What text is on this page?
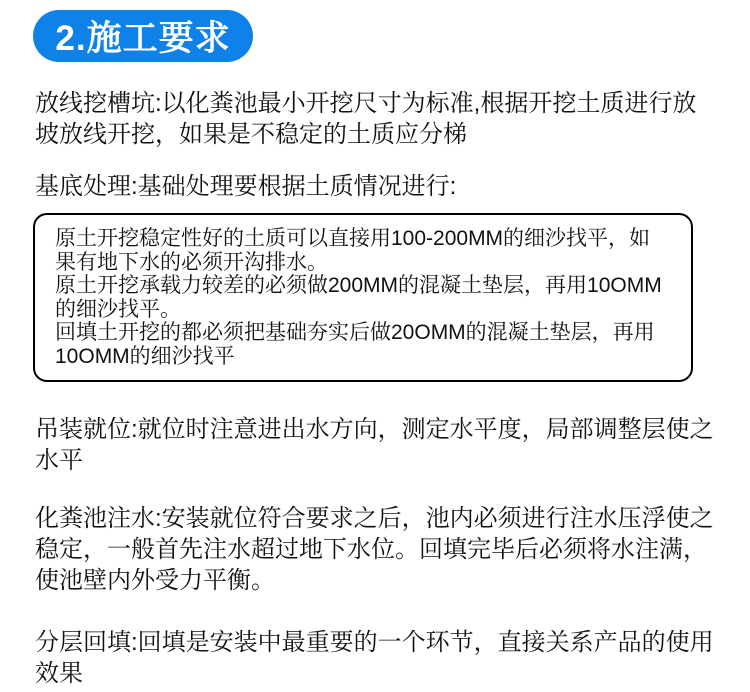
2.施工要求

放线挖槽坑:以化粪池最小开挖尺寸为标准,根据开挖土质进行放坡放线开挖，如果是不稳定的土质应分梯

基底处理:基础处理要根据土质情况进行:

原土开挖稳定性好的土质可以直接用100-200MM的细沙找平，如果有地下水的必须开沟排水。

原土开挖承载力较差的必须做200MM的混凝土垫层，再用10OMM的细沙找平。

回填土开挖的都必须把基础夯实后做20OMM的混凝土垫层，再用10OMM的细沙找平

吊装就位:就位时注意进出水方向，测定水平度，局部调整层使之水平

化粪池注水:安装就位符合要求之后，池内必须进行注水压浮使之稳定，一般首先注水超过地下水位。回填完毕后必须将水注满，使池壁内外受力平衡。

分层回填:回填是安装中最重要的一个环节，直接关系产品的使用效果
